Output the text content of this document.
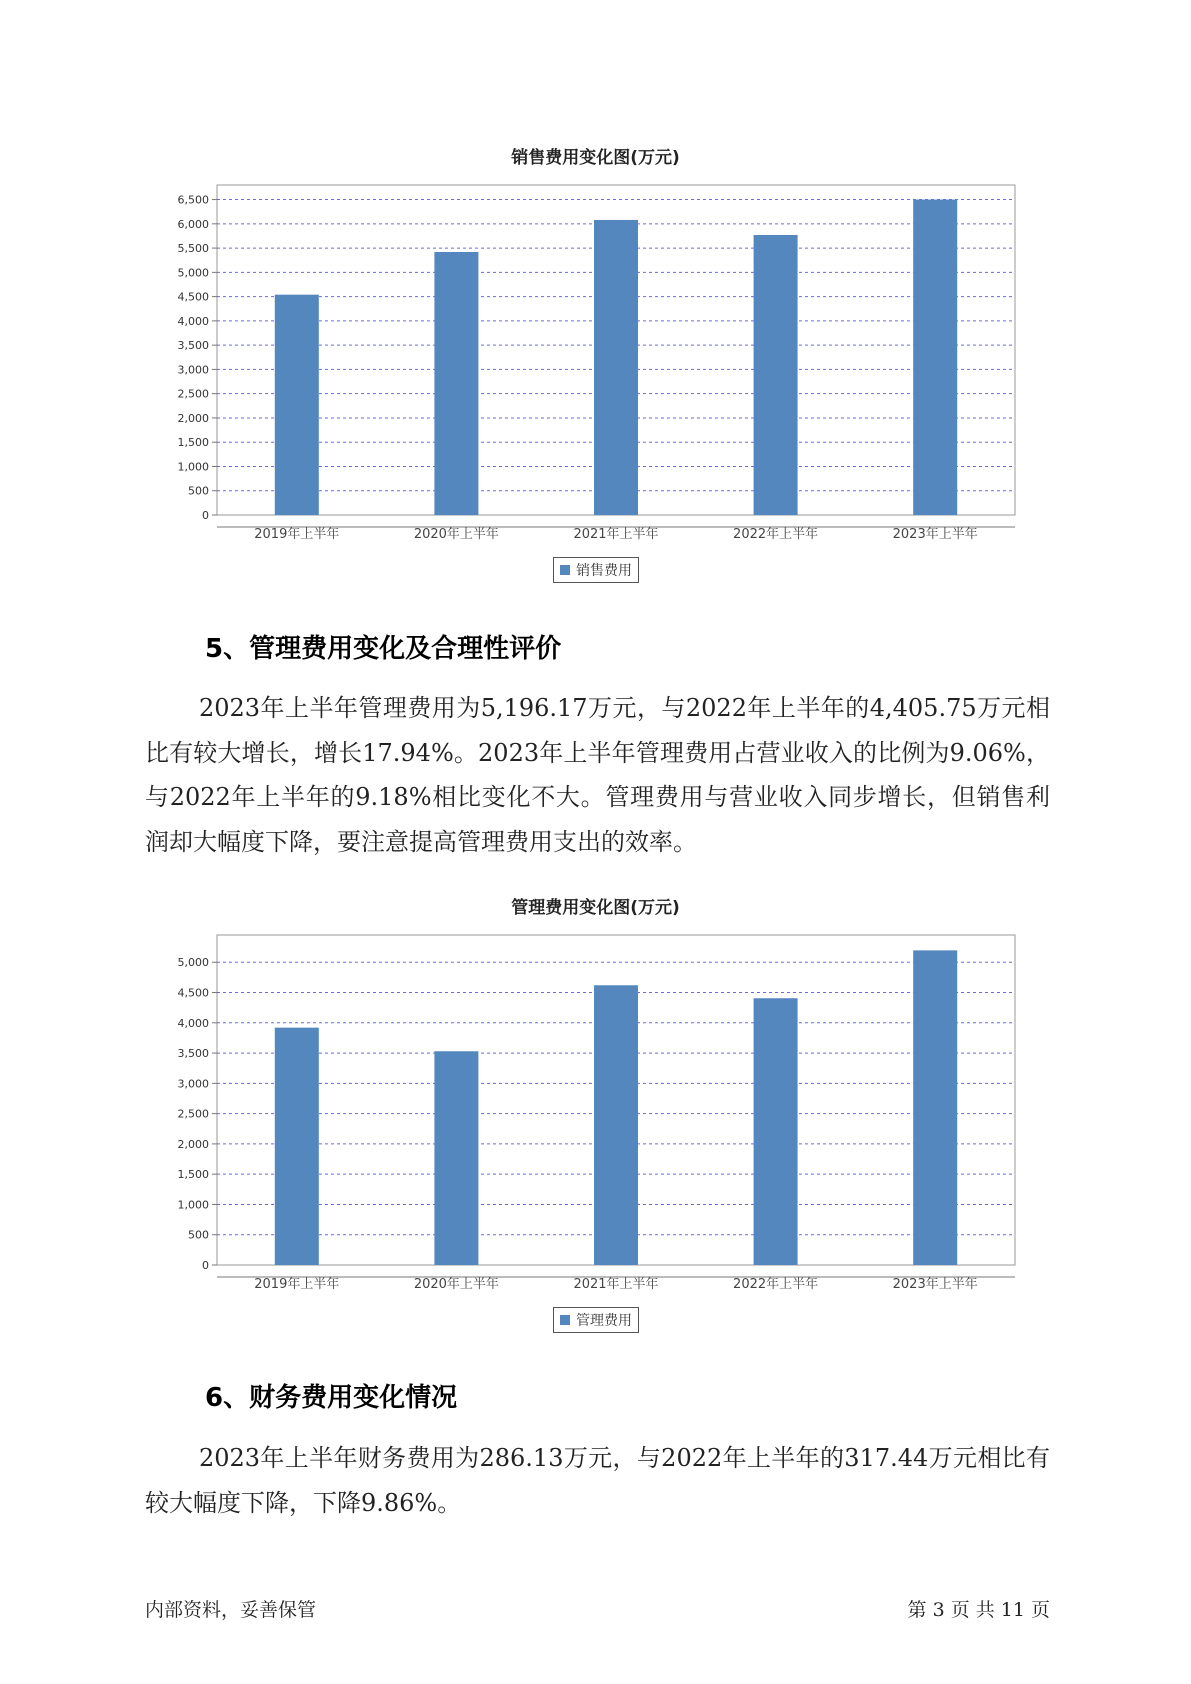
销售费用变化图(万元)
0
500
1,000
1,500
2,000
2,500
3,000
3,500
4,000
4,500
5,000
5,500
6,000
6,500
2019年上半年	2020年上半年	2021年上半年	2022年上半年	2023年上半年
销售费用
5、管理费用变化及合理性评价

2023年上半年管理费用为5,196.17万元，与2022年上半年的4,405.75万元相比有较大增长，增长17.94%。2023年上半年管理费用占营业收入的比例为9.06%，与2022年上半年的9.18%相比变化不大。管理费用与营业收入同步增长，但销售利润却大幅度下降，要注意提高管理费用支出的效率。

管理费用变化图(万元)
0
500
1,000
1,500
2,000
2,500
3,000
3,500
4,000
4,500
5,000
2019年上半年	2020年上半年	2021年上半年	2022年上半年	2023年上半年
管理费用
6、财务费用变化情况

2023年上半年财务费用为286.13万元，与2022年上半年的317.44万元相比有较大幅度下降，下降9.86%。

内部资料，妥善保管	第 3 页 共 11 页
